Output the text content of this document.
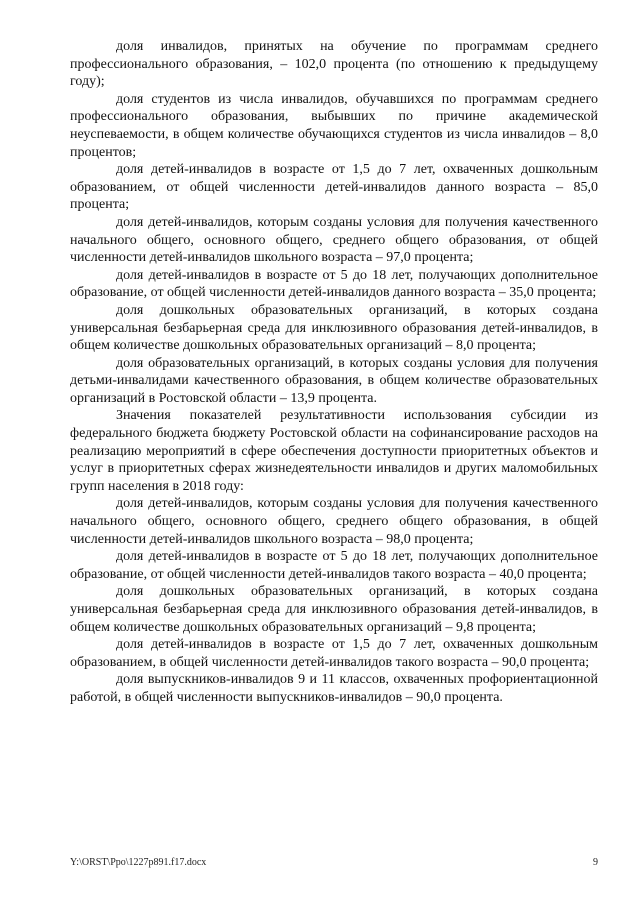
доля инвалидов, принятых на обучение по программам среднего профессионального образования, – 102,0 процента (по отношению к предыдущему году);

доля студентов из числа инвалидов, обучавшихся по программам среднего профессионального образования, выбывших по причине академической неуспеваемости, в общем количестве обучающихся студентов из числа инвалидов – 8,0 процентов;

доля детей-инвалидов в возрасте от 1,5 до 7 лет, охваченных дошкольным образованием, от общей численности детей-инвалидов данного возраста – 85,0 процента;

доля детей-инвалидов, которым созданы условия для получения качественного начального общего, основного общего, среднего общего образования, от общей численности детей-инвалидов школьного возраста – 97,0 процента;

доля детей-инвалидов в возрасте от 5 до 18 лет, получающих дополнительное образование, от общей численности детей-инвалидов данного возраста – 35,0 процента;

доля дошкольных образовательных организаций, в которых создана универсальная безбарьерная среда для инклюзивного образования детей-инвалидов, в общем количестве дошкольных образовательных организаций – 8,0 процента;

доля образовательных организаций, в которых созданы условия для получения детьми-инвалидами качественного образования, в общем количестве образовательных организаций в Ростовской области – 13,9 процента.

Значения показателей результативности использования субсидии из федерального бюджета бюджету Ростовской области на софинансирование расходов на реализацию мероприятий в сфере обеспечения доступности приоритетных объектов и услуг в приоритетных сферах жизнедеятельности инвалидов и других маломобильных групп населения в 2018 году:

доля детей-инвалидов, которым созданы условия для получения качественного начального общего, основного общего, среднего общего образования, в общей численности детей-инвалидов школьного возраста – 98,0 процента;

доля детей-инвалидов в возрасте от 5 до 18 лет, получающих дополнительное образование, от общей численности детей-инвалидов такого возраста – 40,0 процента;

доля дошкольных образовательных организаций, в которых создана универсальная безбарьерная среда для инклюзивного образования детей-инвалидов, в общем количестве дошкольных образовательных организаций – 9,8 процента;

доля детей-инвалидов в возрасте от 1,5 до 7 лет, охваченных дошкольным образованием, в общей численности детей-инвалидов такого возраста – 90,0 процента;

доля выпускников-инвалидов 9 и 11 классов, охваченных профориентационной работой, в общей численности выпускников-инвалидов – 90,0 процента.

Y:\ORST\Ppo\1227p891.f17.docx	9
